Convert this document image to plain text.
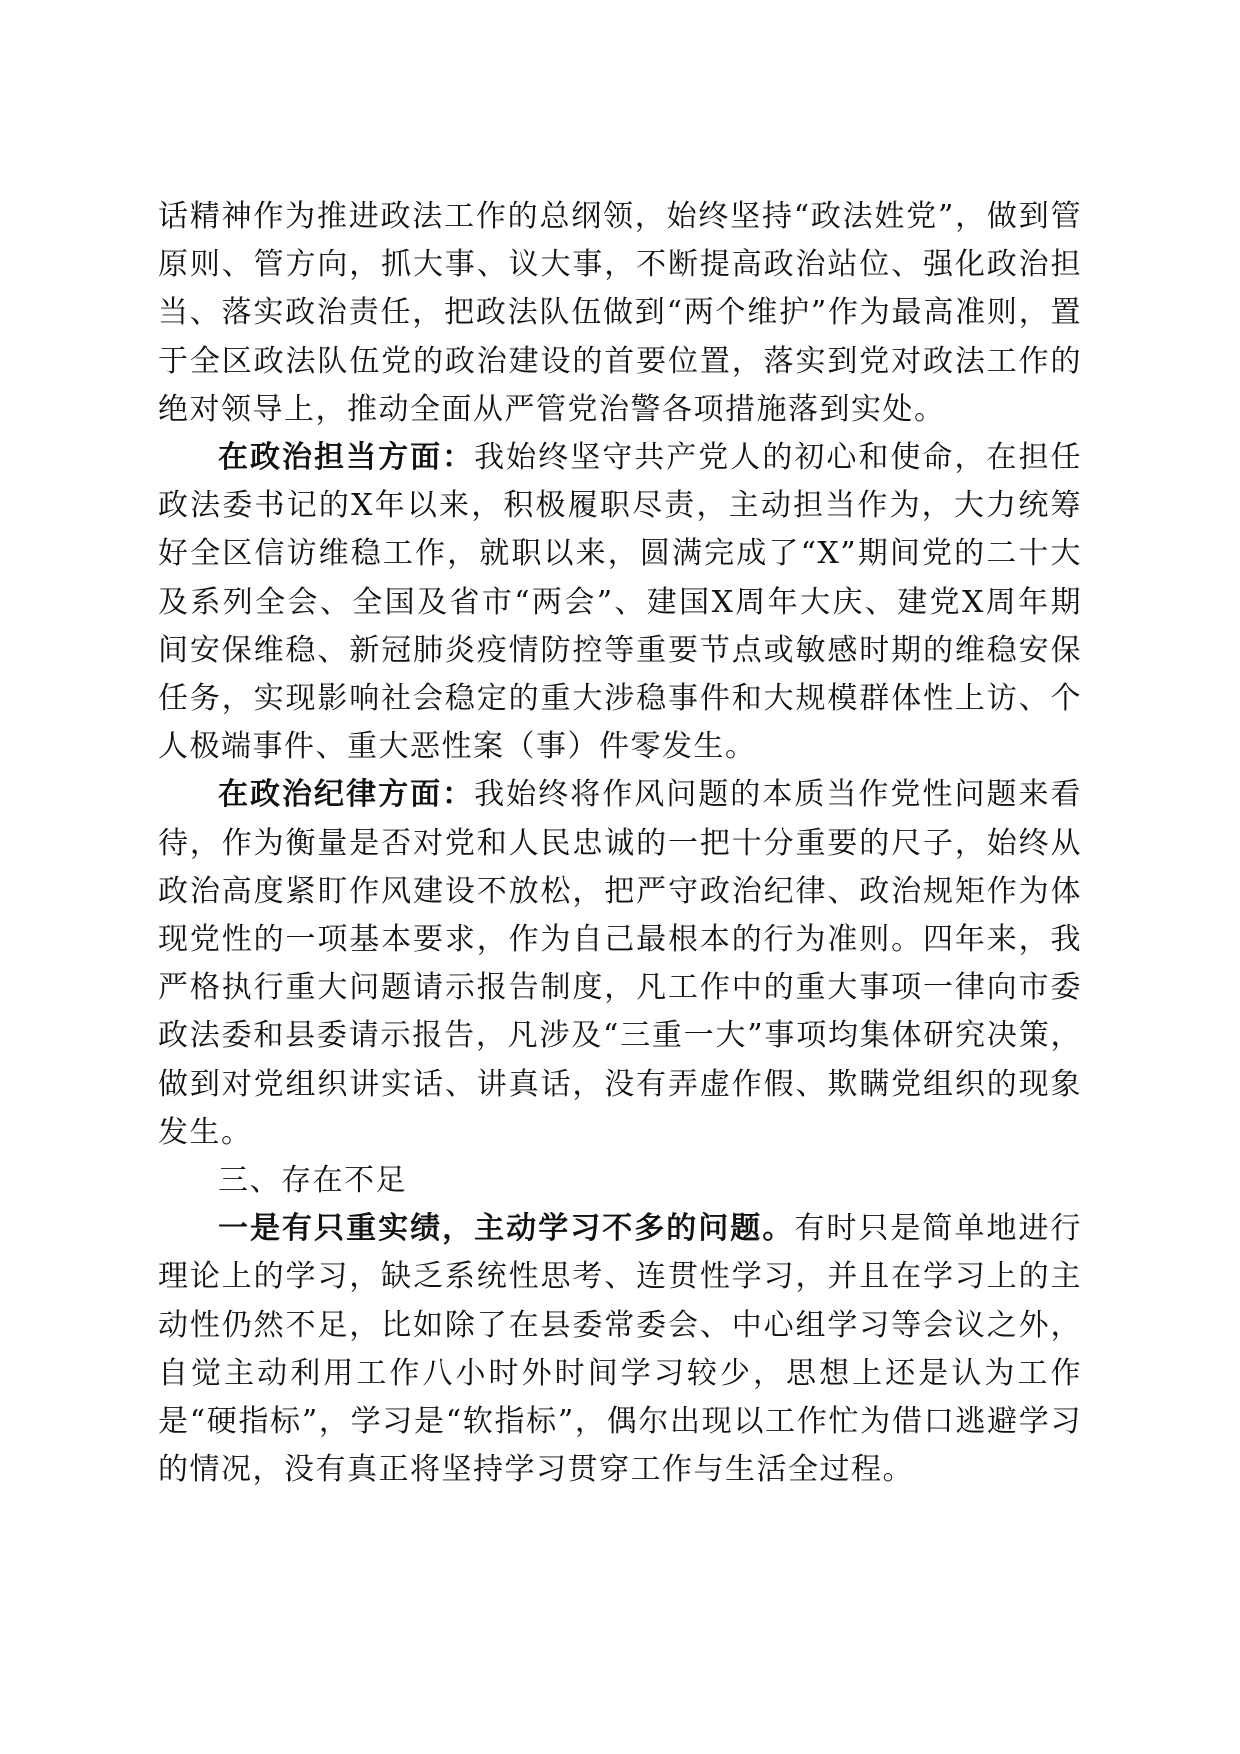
话精神作为推进政法工作的总纲领，始终坚持“政法姓党”，做到管原则、管方向，抓大事、议大事，不断提高政治站位、强化政治担当、落实政治责任，把政法队伍做到“两个维护”作为最高准则，置于全区政法队伍党的政治建设的首要位置，落实到党对政法工作的绝对领导上，推动全面从严管党治警各项措施落到实处。

在政治担当方面：我始终坚守共产党人的初心和使命，在担任政法委书记的X年以来，积极履职尽责，主动担当作为，大力统筹好全区信访维稳工作，就职以来，圆满完成了“X”期间党的二十大及系列全会、全国及省市“两会”、建国X周年大庆、建党X周年期间安保维稳、新冠肺炎疫情防控等重要节点或敏感时期的维稳安保任务，实现影响社会稳定的重大涉稳事件和大规模群体性上访、个人极端事件、重大恶性案（事）件零发生。

在政治纪律方面：我始终将作风问题的本质当作党性问题来看待，作为衡量是否对党和人民忠诚的一把十分重要的尺子，始终从政治高度紧盯作风建设不放松，把严守政治纪律、政治规矩作为体现党性的一项基本要求，作为自己最根本的行为准则。四年来，我严格执行重大问题请示报告制度，凡工作中的重大事项一律向市委政法委和县委请示报告，凡涉及“三重一大”事项均集体研究决策，做到对党组织讲实话、讲真话，没有弄虚作假、欺瞒党组织的现象发生。

三、存在不足

一是有只重实绩，主动学习不多的问题。有时只是简单地进行理论上的学习，缺乏系统性思考、连贯性学习，并且在学习上的主动性仍然不足，比如除了在县委常委会、中心组学习等会议之外，自觉主动利用工作八小时外时间学习较少，思想上还是认为工作是“硬指标”，学习是“软指标”，偶尔出现以工作忙为借口逃避学习的情况，没有真正将坚持学习贯穿工作与生活全过程。
